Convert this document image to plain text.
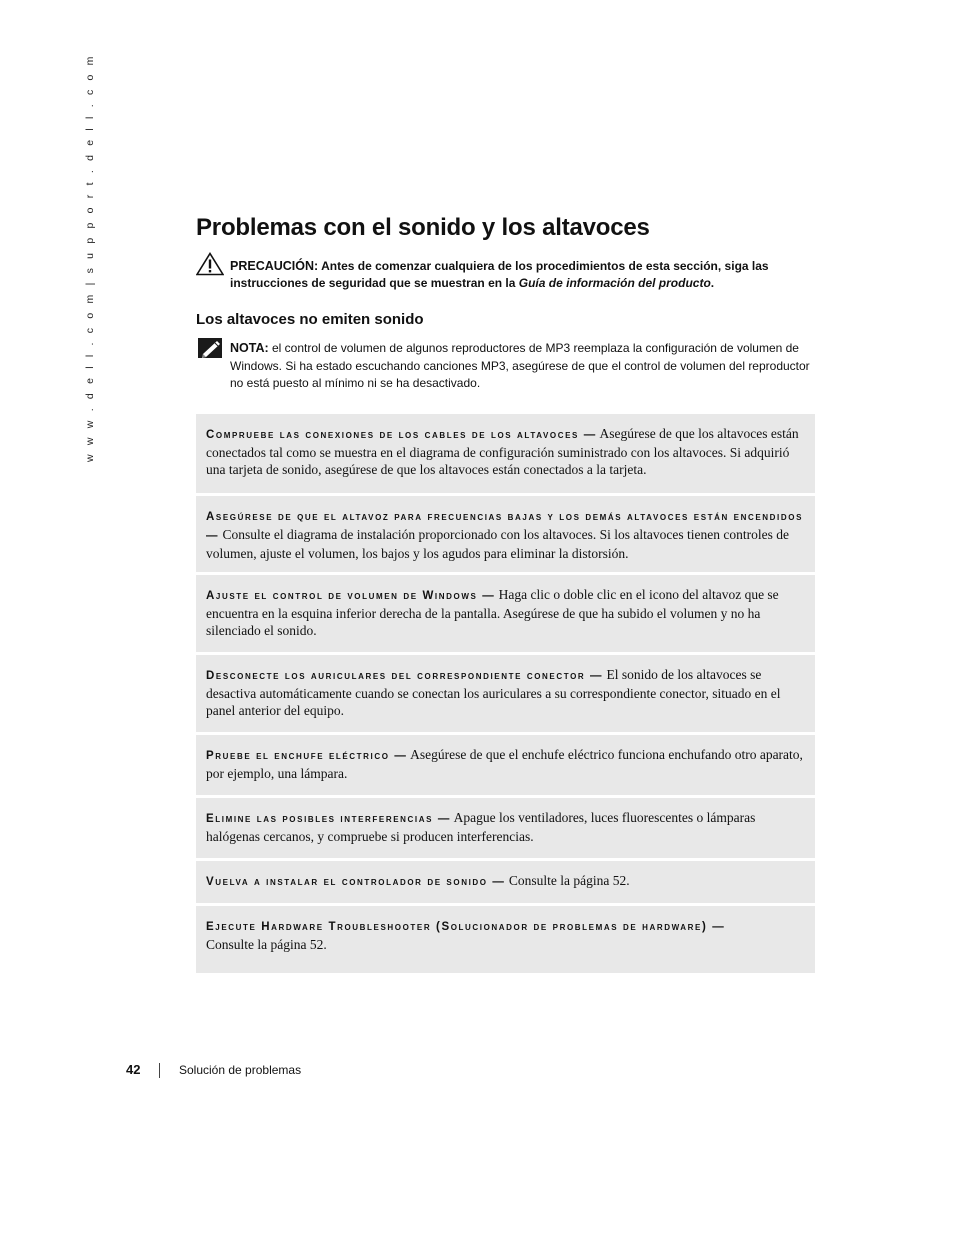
w w w . d e l l . c o m | s u p p o r t . d e l l . c o m	Problemas con el sonido y los altavoces
PRECAUCIÓN: Antes de comenzar cualquiera de los procedimientos de esta sección, siga las instrucciones de seguridad que se muestran en la Guía de información del producto.
Los altavoces no emiten sonido
NOTA: el control de volumen de algunos reproductores de MP3 reemplaza la configuración de volumen de Windows. Si ha estado escuchando canciones MP3, asegúrese de que el control de volumen del reproductor no está puesto al mínimo ni se ha desactivado.
Compruebe las conexiones de los cables de los altavoces — Asegúrese de que los altavoces están conectados tal como se muestra en el diagrama de configuración suministrado con los altavoces. Si adquirió una tarjeta de sonido, asegúrese de que los altavoces están conectados a la tarjeta.
Asegúrese de que el altavoz para frecuencias bajas y los demás altavoces están encendidos — Consulte el diagrama de instalación proporcionado con los altavoces. Si los altavoces tienen controles de volumen, ajuste el volumen, los bajos y los agudos para eliminar la distorsión.
Ajuste el control de volumen de Windows — Haga clic o doble clic en el icono del altavoz que se encuentra en la esquina inferior derecha de la pantalla. Asegúrese de que ha subido el volumen y no ha silenciado el sonido.
Desconecte los auriculares del correspondiente conector — El sonido de los altavoces se desactiva automáticamente cuando se conectan los auriculares a su correspondiente conector, situado en el panel anterior del equipo.
Pruebe el enchufe eléctrico — Asegúrese de que el enchufe eléctrico funciona enchufando otro aparato, por ejemplo, una lámpara.
Elimine las posibles interferencias — Apague los ventiladores, luces fluorescentes o lámparas halógenas cercanos, y compruebe si producen interferencias.
Vuelva a instalar el controlador de sonido — Consulte la página 52.
Ejecute Hardware Troubleshooter (Solucionador de problemas de hardware) —
Consulte la página 52.
42	Solución de problemas
